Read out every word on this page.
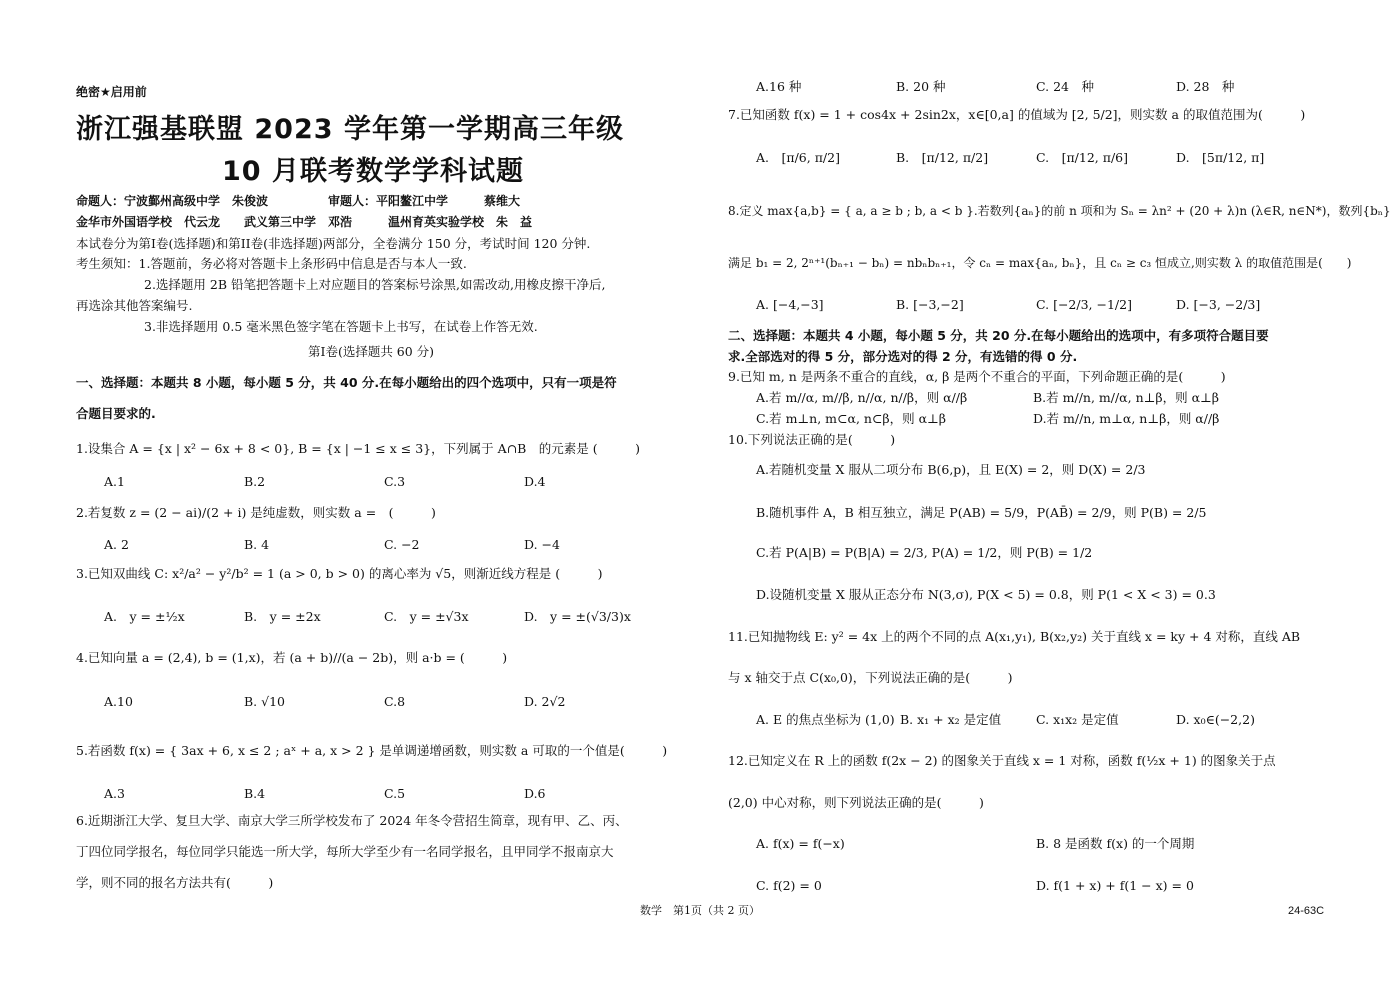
绝密★启用前
浙江强基联盟 2023 学年第一学期高三年级
10 月联考数学学科试题
命题人：宁波鄞州高级中学　朱俊波　　　　　审题人：平阳鳌江中学　　　蔡维大
金华市外国语学校　代云龙　　武义第三中学　邓浩　　　温州育英实验学校　朱　益
本试卷分为第I卷(选择题)和第II卷(非选择题)两部分，全卷满分 150 分，考试时间 120 分钟.
考生须知：1.答题前，务必将对答题卡上条形码中信息是否与本人一致.
2.选择题用 2B 铅笔把答题卡上对应题目的答案标号涂黑,如需改动,用橡皮擦干净后,
再选涂其他答案编号.
3.非选择题用 0.5 毫米黑色签字笔在答题卡上书写，在试卷上作答无效.
第I卷(选择题共 60 分)
一、选择题：本题共 8 小题，每小题 5 分，共 40 分.在每小题给出的四个选项中，只有一项是符
合题目要求的.
1.设集合 A = {x | x² − 6x + 8 < 0}, B = {x | −1 ≤ x ≤ 3}，下列属于 A∩B　的元素是 (　　　)
A.1	B.2	C.3	D.4
2.若复数 z = (2 − ai)/(2 + i) 是纯虚数，则实数 a =　(　　　)
A. 2	B. 4	C. −2	D. −4
3.已知双曲线 C: x²/a² − y²/b² = 1 (a > 0, b > 0) 的离心率为 √5，则渐近线方程是 (　　　)
A.　y = ±½x	B.　y = ±2x	C.　y = ±√3x	D.　y = ±(√3/3)x
4.已知向量 a = (2,4), b = (1,x)，若 (a + b)//(a − 2b)，则 a·b = (　　　)
A.10	B. √10	C.8	D. 2√2
5.若函数 f(x) = { 3ax + 6, x ≤ 2 ; aˣ + a, x > 2 } 是单调递增函数，则实数 a 可取的一个值是(　　　)
A.3	B.4	C.5	D.6
6.近期浙江大学、复旦大学、南京大学三所学校发布了 2024 年冬令营招生简章，现有甲、乙、丙、
丁四位同学报名，每位同学只能选一所大学，每所大学至少有一名同学报名，且甲同学不报南京大
学，则不同的报名方法共有(　　　)
A.16 种	B. 20 种	C. 24　种	D. 28　种
7.已知函数 f(x) = 1 + cos4x + 2sin2x，x∈[0,a] 的值域为 [2, 5/2]，则实数 a 的取值范围为(　　　)
A.　[π/6, π/2]	B.　[π/12, π/2]	C.　[π/12, π/6]	D.　[5π/12, π]
8.定义 max{a,b} = { a, a ≥ b ; b, a < b }.若数列{aₙ}的前 n 项和为 Sₙ = λn² + (20 + λ)n (λ∈R, n∈N*)，数列{bₙ}
满足 b₁ = 2, 2ⁿ⁺¹(bₙ₊₁ − bₙ) = nbₙbₙ₊₁，令 cₙ = max{aₙ, bₙ}，且 cₙ ≥ c₃ 恒成立,则实数 λ 的取值范围是(　　)
A. [−4,−3]	B. [−3,−2]	C. [−2/3, −1/2]	D. [−3, −2/3]
二、选择题：本题共 4 小题，每小题 5 分，共 20 分.在每小题给出的选项中，有多项符合题目要
求.全部选对的得 5 分，部分选对的得 2 分，有选错的得 0 分.
9.已知 m, n 是两条不重合的直线，α, β 是两个不重合的平面，下列命题正确的是(　　　)
A.若 m//α, m//β, n//α, n//β，则 α//β	B.若 m//n, m//α, n⊥β，则 α⊥β
C.若 m⊥n, m⊂α, n⊂β，则 α⊥β	D.若 m//n, m⊥α, n⊥β，则 α//β
10.下列说法正确的是(　　　)
A.若随机变量 X 服从二项分布 B(6,p)，且 E(X) = 2，则 D(X) = 2/3
B.随机事件 A，B 相互独立，满足 P(AB) = 5/9，P(AB̄) = 2/9，则 P(B) = 2/5
C.若 P(A|B) = P(B|A) = 2/3, P(A) = 1/2，则 P(B) = 1/2
D.设随机变量 X 服从正态分布 N(3,σ), P(X < 5) = 0.8，则 P(1 < X < 3) = 0.3
11.已知抛物线 E: y² = 4x 上的两个不同的点 A(x₁,y₁), B(x₂,y₂) 关于直线 x = ky + 4 对称，直线 AB
与 x 轴交于点 C(x₀,0)，下列说法正确的是(　　　)
A. E 的焦点坐标为 (1,0) B. x₁ + x₂ 是定值	C. x₁x₂ 是定值	D. x₀∈(−2,2)
12.已知定义在 R 上的函数 f(2x − 2) 的图象关于直线 x = 1 对称，函数 f(½x + 1) 的图象关于点
(2,0) 中心对称，则下列说法正确的是(　　　)
A. f(x) = f(−x)	B. 8 是函数 f(x) 的一个周期
C. f(2) = 0	D. f(1 + x) + f(1 − x) = 0
数学　第1页（共 2 页）	24-63C
